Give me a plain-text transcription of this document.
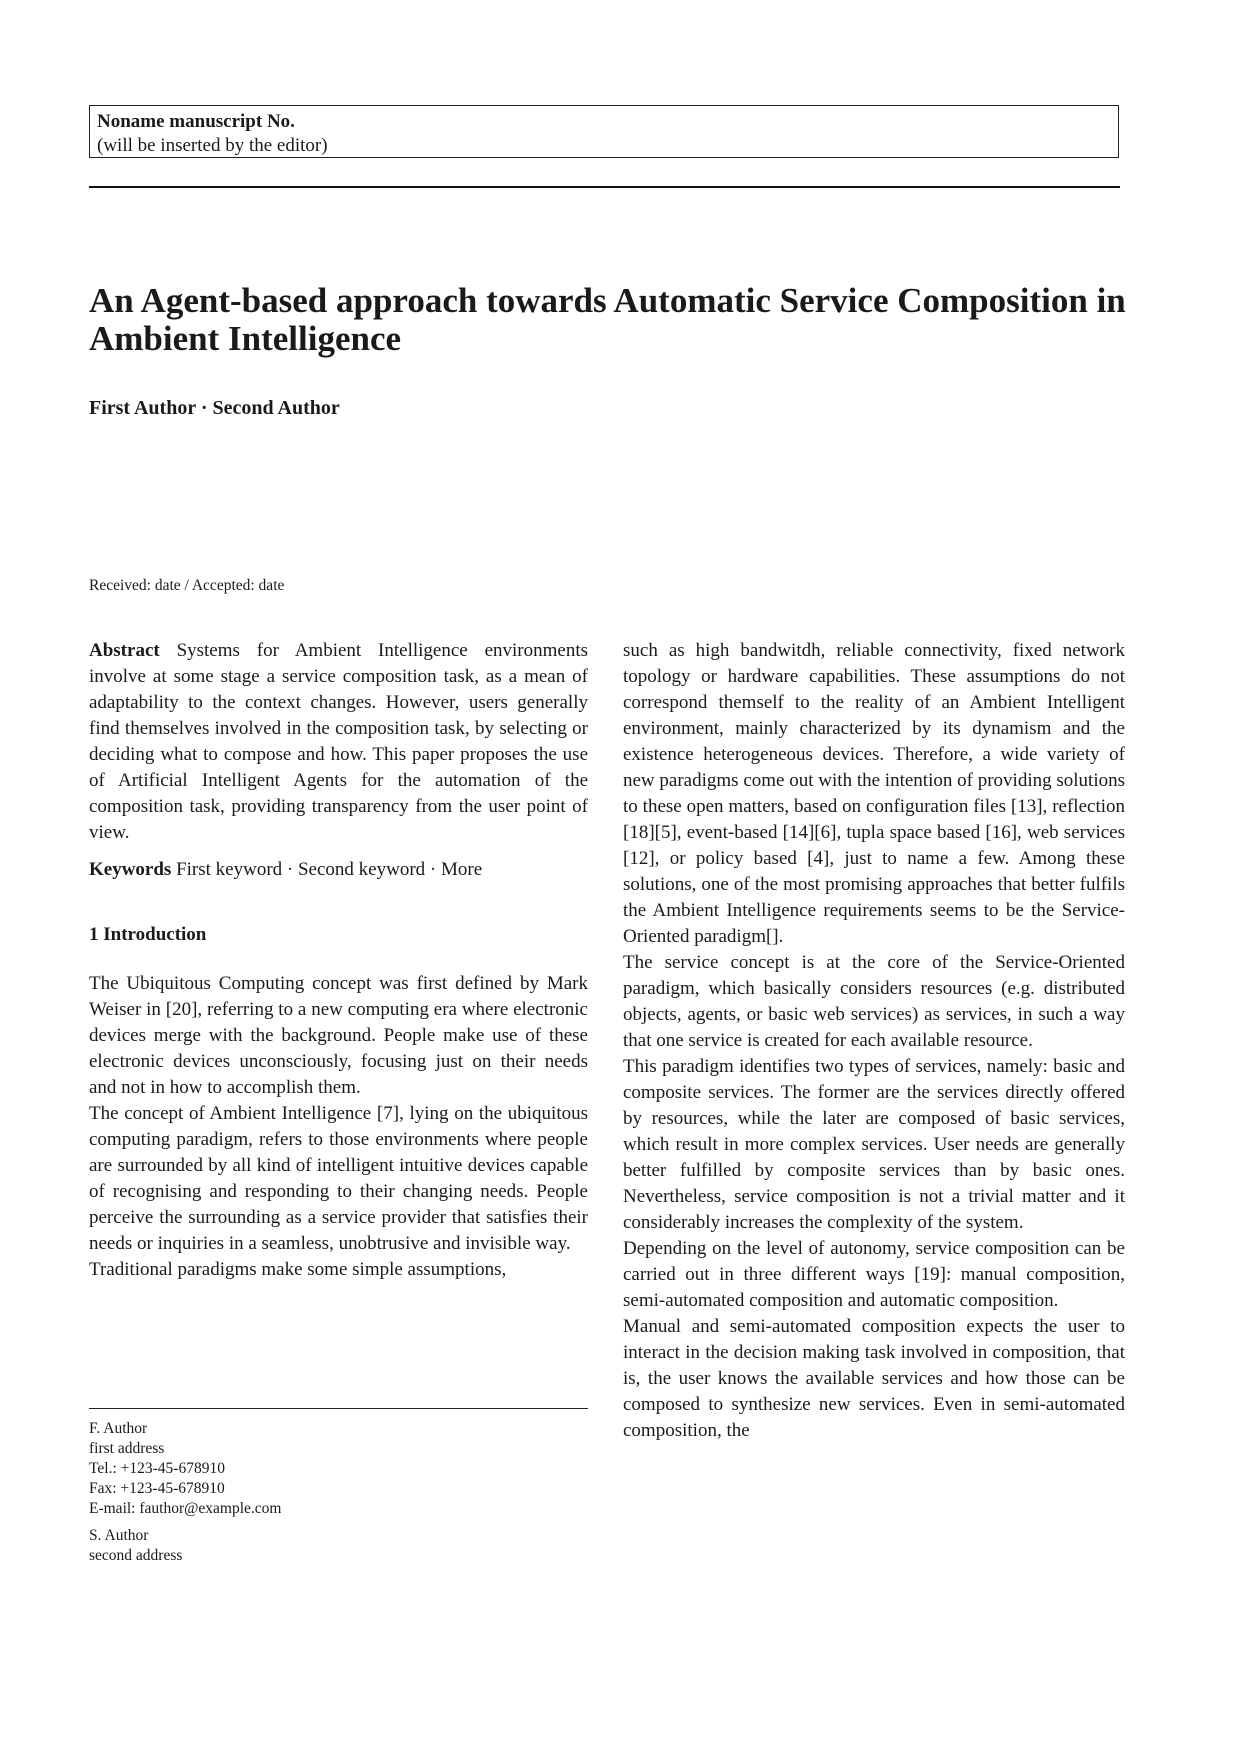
Noname manuscript No.
(will be inserted by the editor)
An Agent-based approach towards Automatic Service Composition in Ambient Intelligence
First Author · Second Author
Received: date / Accepted: date

Abstract Systems for Ambient Intelligence environments involve at some stage a service composition task, as a mean of adaptability to the context changes. However, users generally find themselves involved in the composition task, by selecting or deciding what to compose and how. This paper proposes the use of Artificial Intelligent Agents for the automation of the composition task, providing transparency from the user point of view.

Keywords First keyword · Second keyword · More

1 Introduction

The Ubiquitous Computing concept was first defined by Mark Weiser in [20], referring to a new computing era where electronic devices merge with the background. People make use of these electronic devices unconsciously, focusing just on their needs and not in how to accomplish them.

The concept of Ambient Intelligence [7], lying on the ubiquitous computing paradigm, refers to those environments where people are surrounded by all kind of intelligent intuitive devices capable of recognising and responding to their changing needs. People perceive the surrounding as a service provider that satisfies their needs or inquiries in a seamless, unobtrusive and invisible way.

Traditional paradigms make some simple assumptions,

F. Author
first address
Tel.: +123-45-678910
Fax: +123-45-678910
E-mail: fauthor@example.com
S. Author
second address

such as high bandwitdh, reliable connectivity, fixed network topology or hardware capabilities. These assumptions do not correspond themself to the reality of an Ambient Intelligent environment, mainly characterized by its dynamism and the existence heterogeneous devices. Therefore, a wide variety of new paradigms come out with the intention of providing solutions to these open matters, based on configuration files [13], reflection [18][5], event-based [14][6], tupla space based [16], web services [12], or policy based [4], just to name a few. Among these solutions, one of the most promising approaches that better fulfils the Ambient Intelligence requirements seems to be the Service-Oriented paradigm[].

The service concept is at the core of the Service-Oriented paradigm, which basically considers resources (e.g. distributed objects, agents, or basic web services) as services, in such a way that one service is created for each available resource.

This paradigm identifies two types of services, namely: basic and composite services. The former are the services directly offered by resources, while the later are composed of basic services, which result in more complex services. User needs are generally better fulfilled by composite services than by basic ones. Nevertheless, service composition is not a trivial matter and it considerably increases the complexity of the system.

Depending on the level of autonomy, service composition can be carried out in three different ways [19]: manual composition, semi-automated composition and automatic composition.

Manual and semi-automated composition expects the user to interact in the decision making task involved in composition, that is, the user knows the available services and how those can be composed to synthesize new services. Even in semi-automated composition, the
